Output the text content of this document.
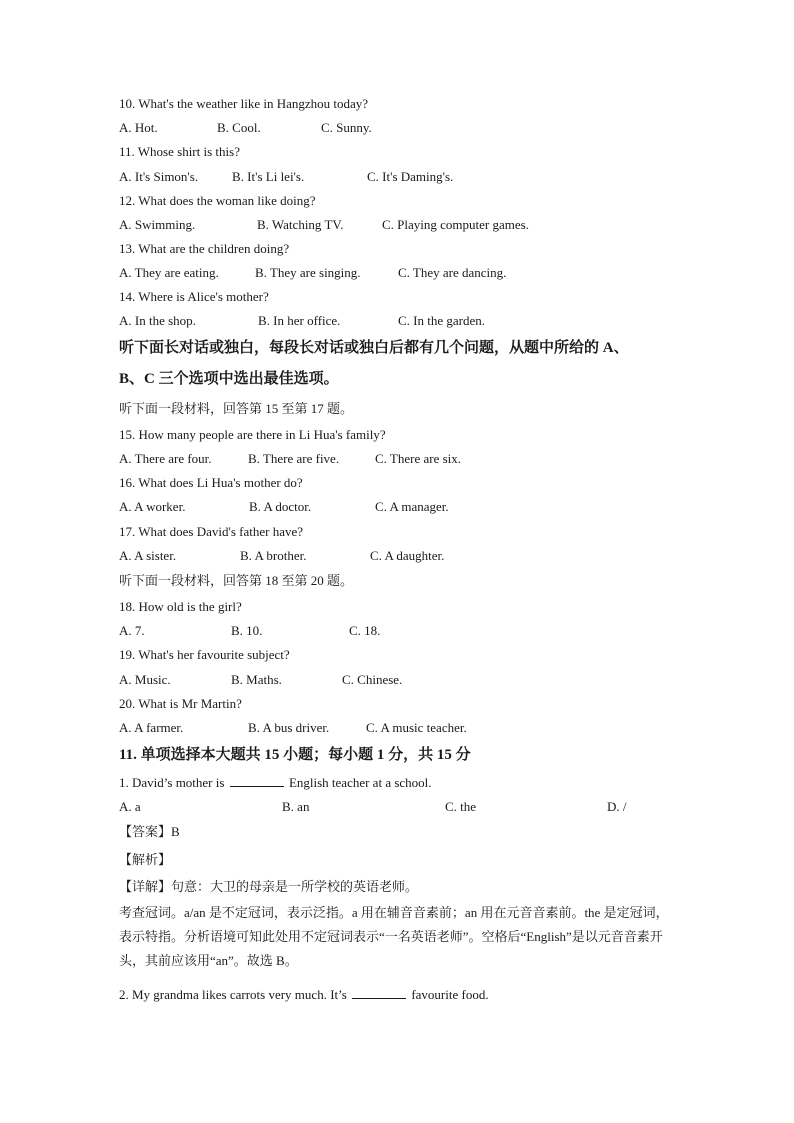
10. What's the weather like in Hangzhou today?
A. Hot.	B. Cool.	C. Sunny.
11. Whose shirt is this?
A. It's Simon's.	B. It's Li lei's.	C. It's Daming's.
12. What does the woman like doing?
A. Swimming.	B. Watching TV.	C. Playing computer games.
13. What are the children doing?
A. They are eating.	B. They are singing.	C. They are dancing.
14. Where is Alice's mother?
A. In the shop.	B. In her office.	C. In the garden.
听下面长对话或独白，每段长对话或独白后都有几个问题，从题中所给的 A、
B、C 三个选项中选出最佳选项。
听下面一段材料，回答第 15 至第 17 题。
15. How many people are there in Li Hua's family?
A. There are four.	B. There are five.	C. There are six.
16. What does Li Hua's mother do?
A. A worker.	B. A doctor.	C. A manager.
17. What does David's father have?
A. A sister.	B. A brother.	C. A daughter.
听下面一段材料，回答第 18 至第 20 题。
18. How old is the girl?
A. 7.	B. 10.	C. 18.
19. What's her favourite subject?
A. Music.	B. Maths.	C. Chinese.
20. What is Mr Martin?
A. A farmer.	B. A bus driver.	C. A music teacher.
11. 单项选择本大题共 15 小题；每小题 1 分，共 15 分
1. David’s mother is	English teacher at a school.
A. a	B. an	C. the	D. /
【答案】B
【解析】
【详解】句意：大卫的母亲是一所学校的英语老师。
考查冠词。a/an 是不定冠词，表示泛指。a 用在辅音音素前；an 用在元音音素前。the 是定冠词，表示特指。分析语境可知此处用不定冠词表示“一名英语老师”。空格后“English”是以元音音素开头，其前应该用“an”。故选 B。
2. My grandma likes carrots very much. It’s	favourite food.
